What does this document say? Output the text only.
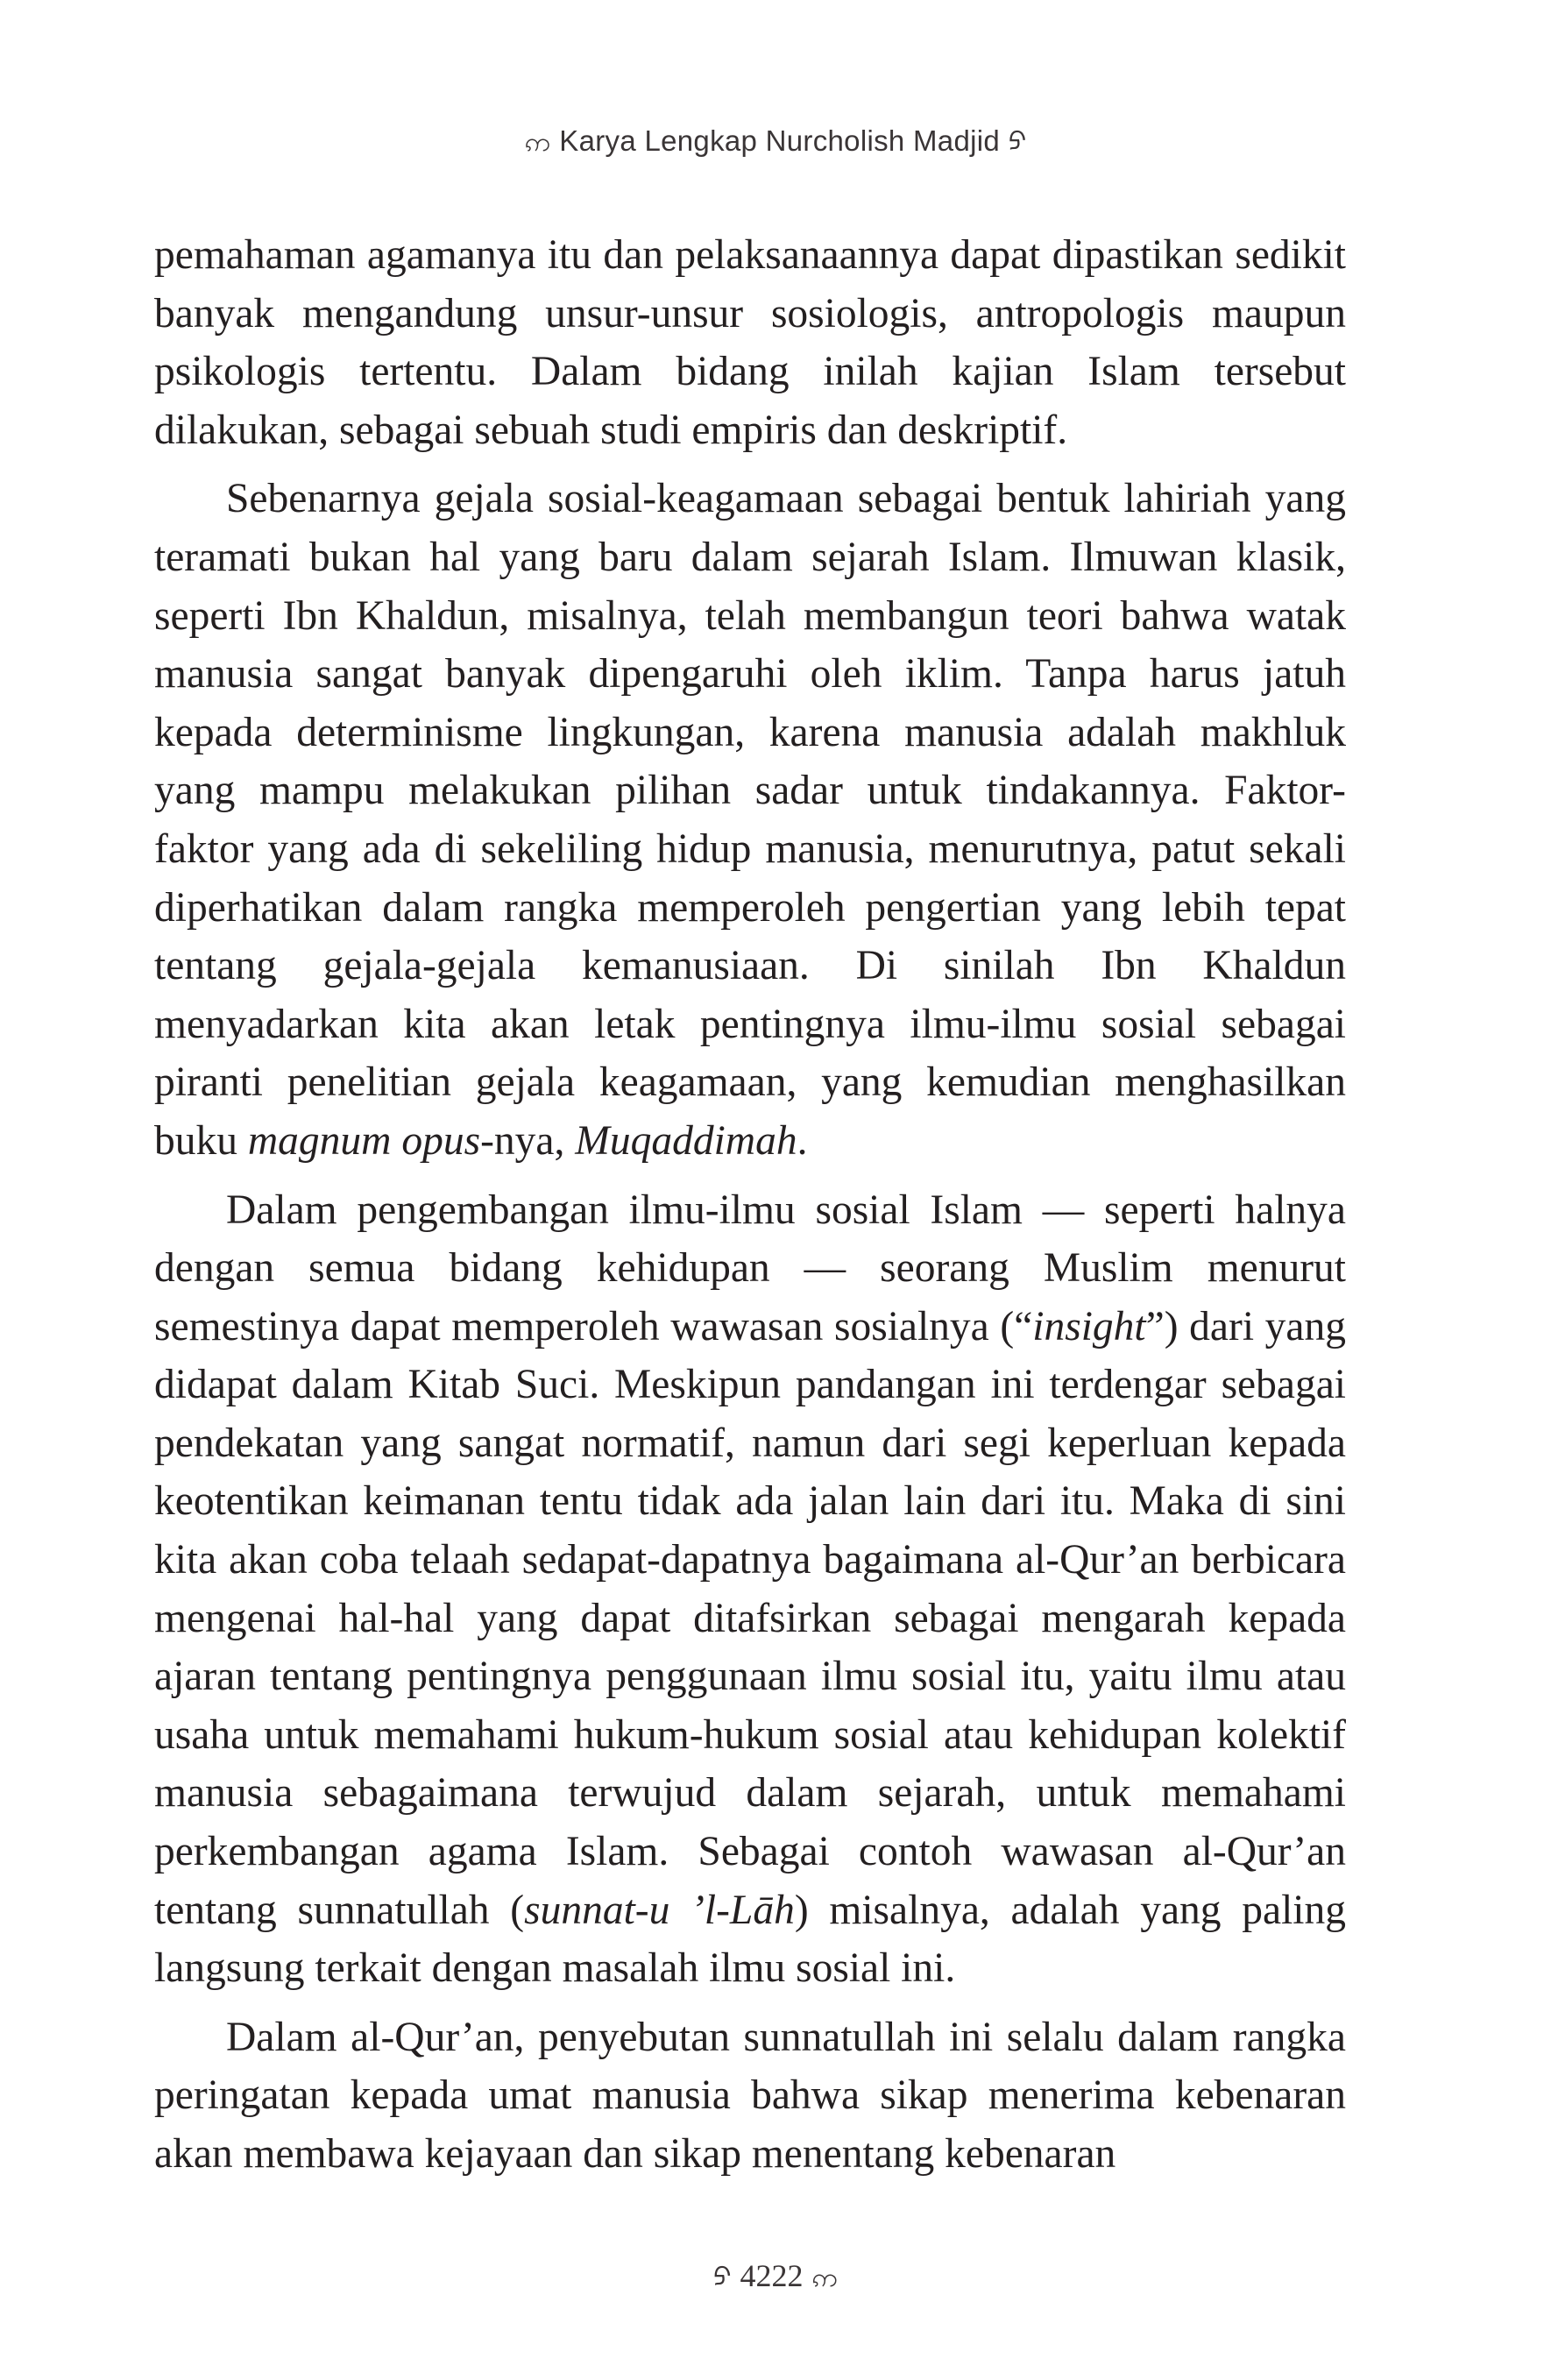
ဢ Karya Lengkap Nurcholish Madjid ᠫ

pemahaman agamanya itu dan pelaksanaannya dapat dipastikan sedikit banyak mengandung unsur-unsur sosiologis, antropologis maupun psikologis tertentu. Dalam bidang inilah kajian Islam tersebut dilakukan, sebagai sebuah studi empiris dan deskriptif.

Sebenarnya gejala sosial-keagamaan sebagai bentuk lahiriah yang teramati bukan hal yang baru dalam sejarah Islam. Ilmuwan klasik, seperti Ibn Khaldun, misalnya, telah membangun teori bahwa watak manusia sangat banyak dipengaruhi oleh iklim. Tanpa harus jatuh kepada determinisme lingkungan, karena manusia adalah makhluk yang mampu melakukan pilihan sadar untuk tindakannya. Faktor-faktor yang ada di sekeliling hidup manusia, menurutnya, patut sekali diperhatikan dalam rangka memperoleh pengertian yang lebih tepat tentang gejala-gejala kemanusiaan. Di sinilah Ibn Khaldun menyadarkan kita akan letak pentingnya ilmu-ilmu sosial sebagai piranti penelitian gejala keagamaan, yang kemudian menghasilkan buku magnum opus-nya, Muqaddimah.

Dalam pengembangan ilmu-ilmu sosial Islam — seperti halnya dengan semua bidang kehidupan — seorang Muslim menurut semestinya dapat memperoleh wawasan sosialnya (“insight”) dari yang didapat dalam Kitab Suci. Meskipun pandangan ini terdengar sebagai pendekatan yang sangat normatif, namun dari segi keperluan kepada keotentikan keimanan tentu tidak ada jalan lain dari itu. Maka di sini kita akan coba telaah sedapat-dapatnya bagaimana al-Qur’an berbicara mengenai hal-hal yang dapat ditafsirkan sebagai mengarah kepada ajaran tentang pentingnya penggunaan ilmu sosial itu, yaitu ilmu atau usaha untuk memahami hukum-hukum sosial atau kehidupan kolektif manusia sebagaimana terwujud dalam sejarah, untuk memahami perkembangan agama Islam. Sebagai contoh wawasan al-Qur’an tentang sunnatullah (sunnat-u ’l-Lāh) misalnya, adalah yang paling langsung terkait dengan masalah ilmu sosial ini.

Dalam al-Qur’an, penyebutan sunnatullah ini selalu dalam rangka peringatan kepada umat manusia bahwa sikap menerima kebenaran akan membawa kejayaan dan sikap menentang kebenaran

ᠫ 4222 ဢ
